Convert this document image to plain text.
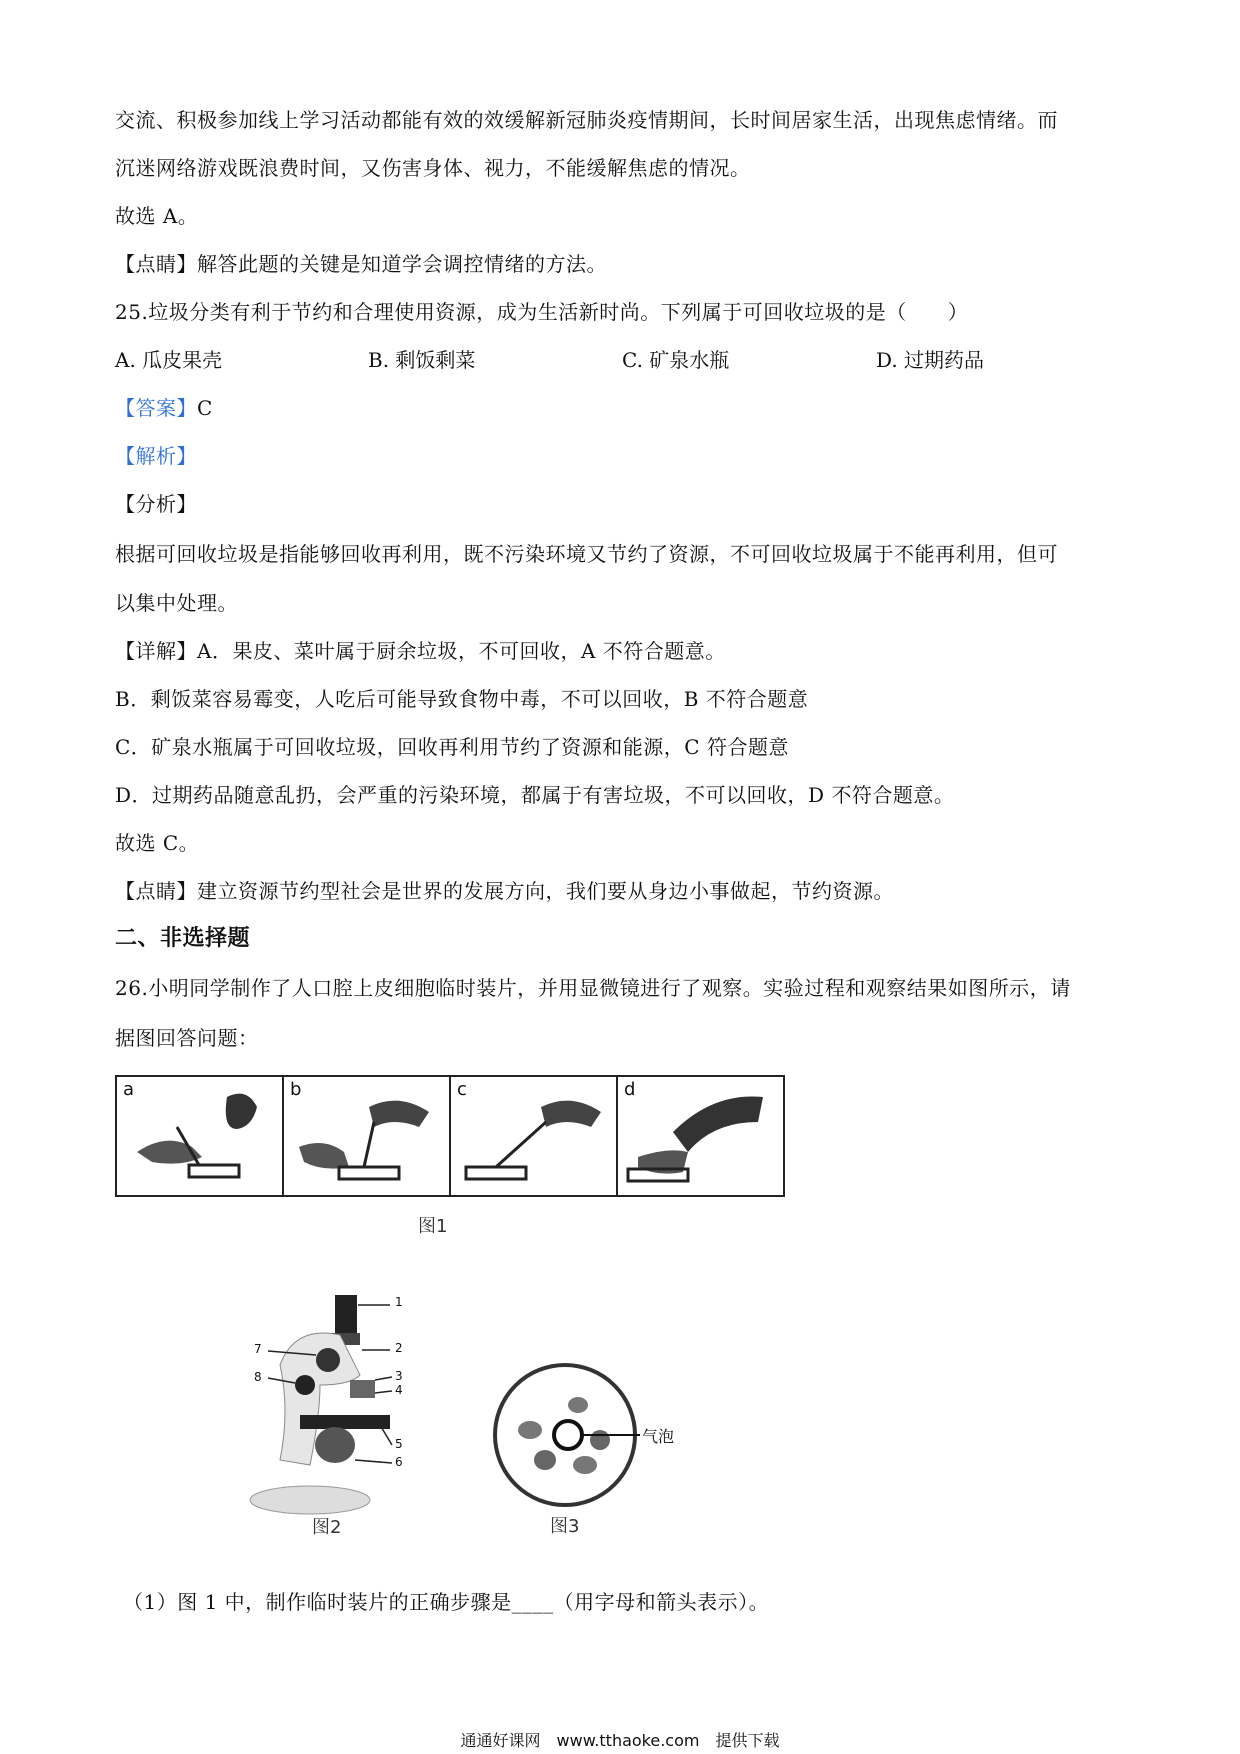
交流、积极参加线上学习活动都能有效的效缓解新冠肺炎疫情期间，长时间居家生活，出现焦虑情绪。而
沉迷网络游戏既浪费时间，又伤害身体、视力，不能缓解焦虑的情况。
故选 A。
【点睛】解答此题的关键是知道学会调控情绪的方法。
25.垃圾分类有利于节约和合理使用资源，成为生活新时尚。下列属于可回收垃圾的是（　　）
A. 瓜皮果壳	B. 剩饭剩菜	C. 矿泉水瓶	D. 过期药品
【答案】C
【解析】
【分析】
根据可回收垃圾是指能够回收再利用，既不污染环境又节约了资源，不可回收垃圾属于不能再利用，但可
以集中处理。
【详解】A．果皮、菜叶属于厨余垃圾，不可回收，A 不符合题意。
B．剩饭菜容易霉变，人吃后可能导致食物中毒，不可以回收，B 不符合题意
C．矿泉水瓶属于可回收垃圾，回收再利用节约了资源和能源，C 符合题意
D．过期药品随意乱扔，会严重的污染环境，都属于有害垃圾，不可以回收，D 不符合题意。
故选 C。
【点睛】建立资源节约型社会是世界的发展方向，我们要从身边小事做起，节约资源。
二、非选择题
26.小明同学制作了人口腔上皮细胞临时装片，并用显微镜进行了观察。实验过程和观察结果如图所示，请
据图回答问题：
a	b	c	d
图1
1
2
3
4
5
6
7
8
图2
气泡
图3
（1）图 1 中，制作临时装片的正确步骤是____（用字母和箭头表示）。
通通好课网　www.tthaoke.com　提供下载
